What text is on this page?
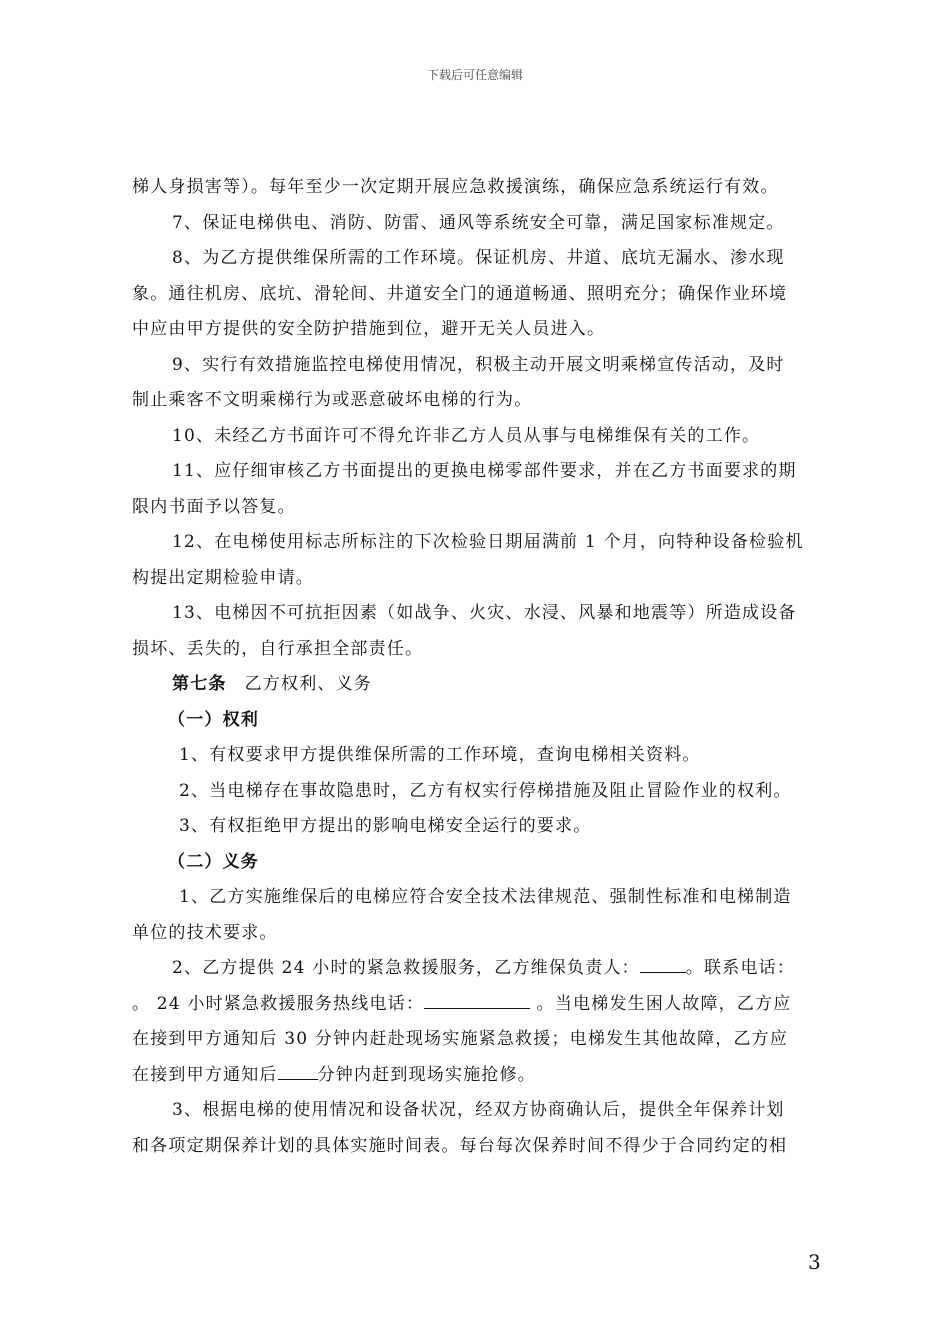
下载后可任意编辑

梯人身损害等）。每年至少一次定期开展应急救援演练，确保应急系统运行有效。

7、保证电梯供电、消防、防雷、通风等系统安全可靠，满足国家标准规定。

8、为乙方提供维保所需的工作环境。保证机房、井道、底坑无漏水、渗水现

象。通往机房、底坑、滑轮间、井道安全门的通道畅通、照明充分；确保作业环境

中应由甲方提供的安全防护措施到位，避开无关人员进入。

9、实行有效措施监控电梯使用情况，积极主动开展文明乘梯宣传活动，及时

制止乘客不文明乘梯行为或恶意破坏电梯的行为。

10、未经乙方书面许可不得允许非乙方人员从事与电梯维保有关的工作。

11、应仔细审核乙方书面提出的更换电梯零部件要求，并在乙方书面要求的期

限内书面予以答复。

12、在电梯使用标志所标注的下次检验日期届满前 1 个月，向特种设备检验机

构提出定期检验申请。

13、电梯因不可抗拒因素（如战争、火灾、水浸、风暴和地震等）所造成设备

损坏、丢失的，自行承担全部责任。

第七条 乙方权利、义务

（一）权利

1、有权要求甲方提供维保所需的工作环境，查询电梯相关资料。

2、当电梯存在事故隐患时，乙方有权实行停梯措施及阻止冒险作业的权利。

3、有权拒绝甲方提出的影响电梯安全运行的要求。

（二）义务

1、乙方实施维保后的电梯应符合安全技术法律规范、强制性标准和电梯制造

单位的技术要求。

2、乙方提供 24 小时的紧急救援服务，乙方维保负责人：	。联系电话：

。 24 小时紧急救援服务热线电话：	。当电梯发生困人故障，乙方应

在接到甲方通知后 30 分钟内赶赴现场实施紧急救援；电梯发生其他故障，乙方应

在接到甲方通知后 分钟内赶到现场实施抢修。

3、根据电梯的使用情况和设备状况，经双方协商确认后，提供全年保养计划

和各项定期保养计划的具体实施时间表。每台每次保养时间不得少于合同约定的相

3
